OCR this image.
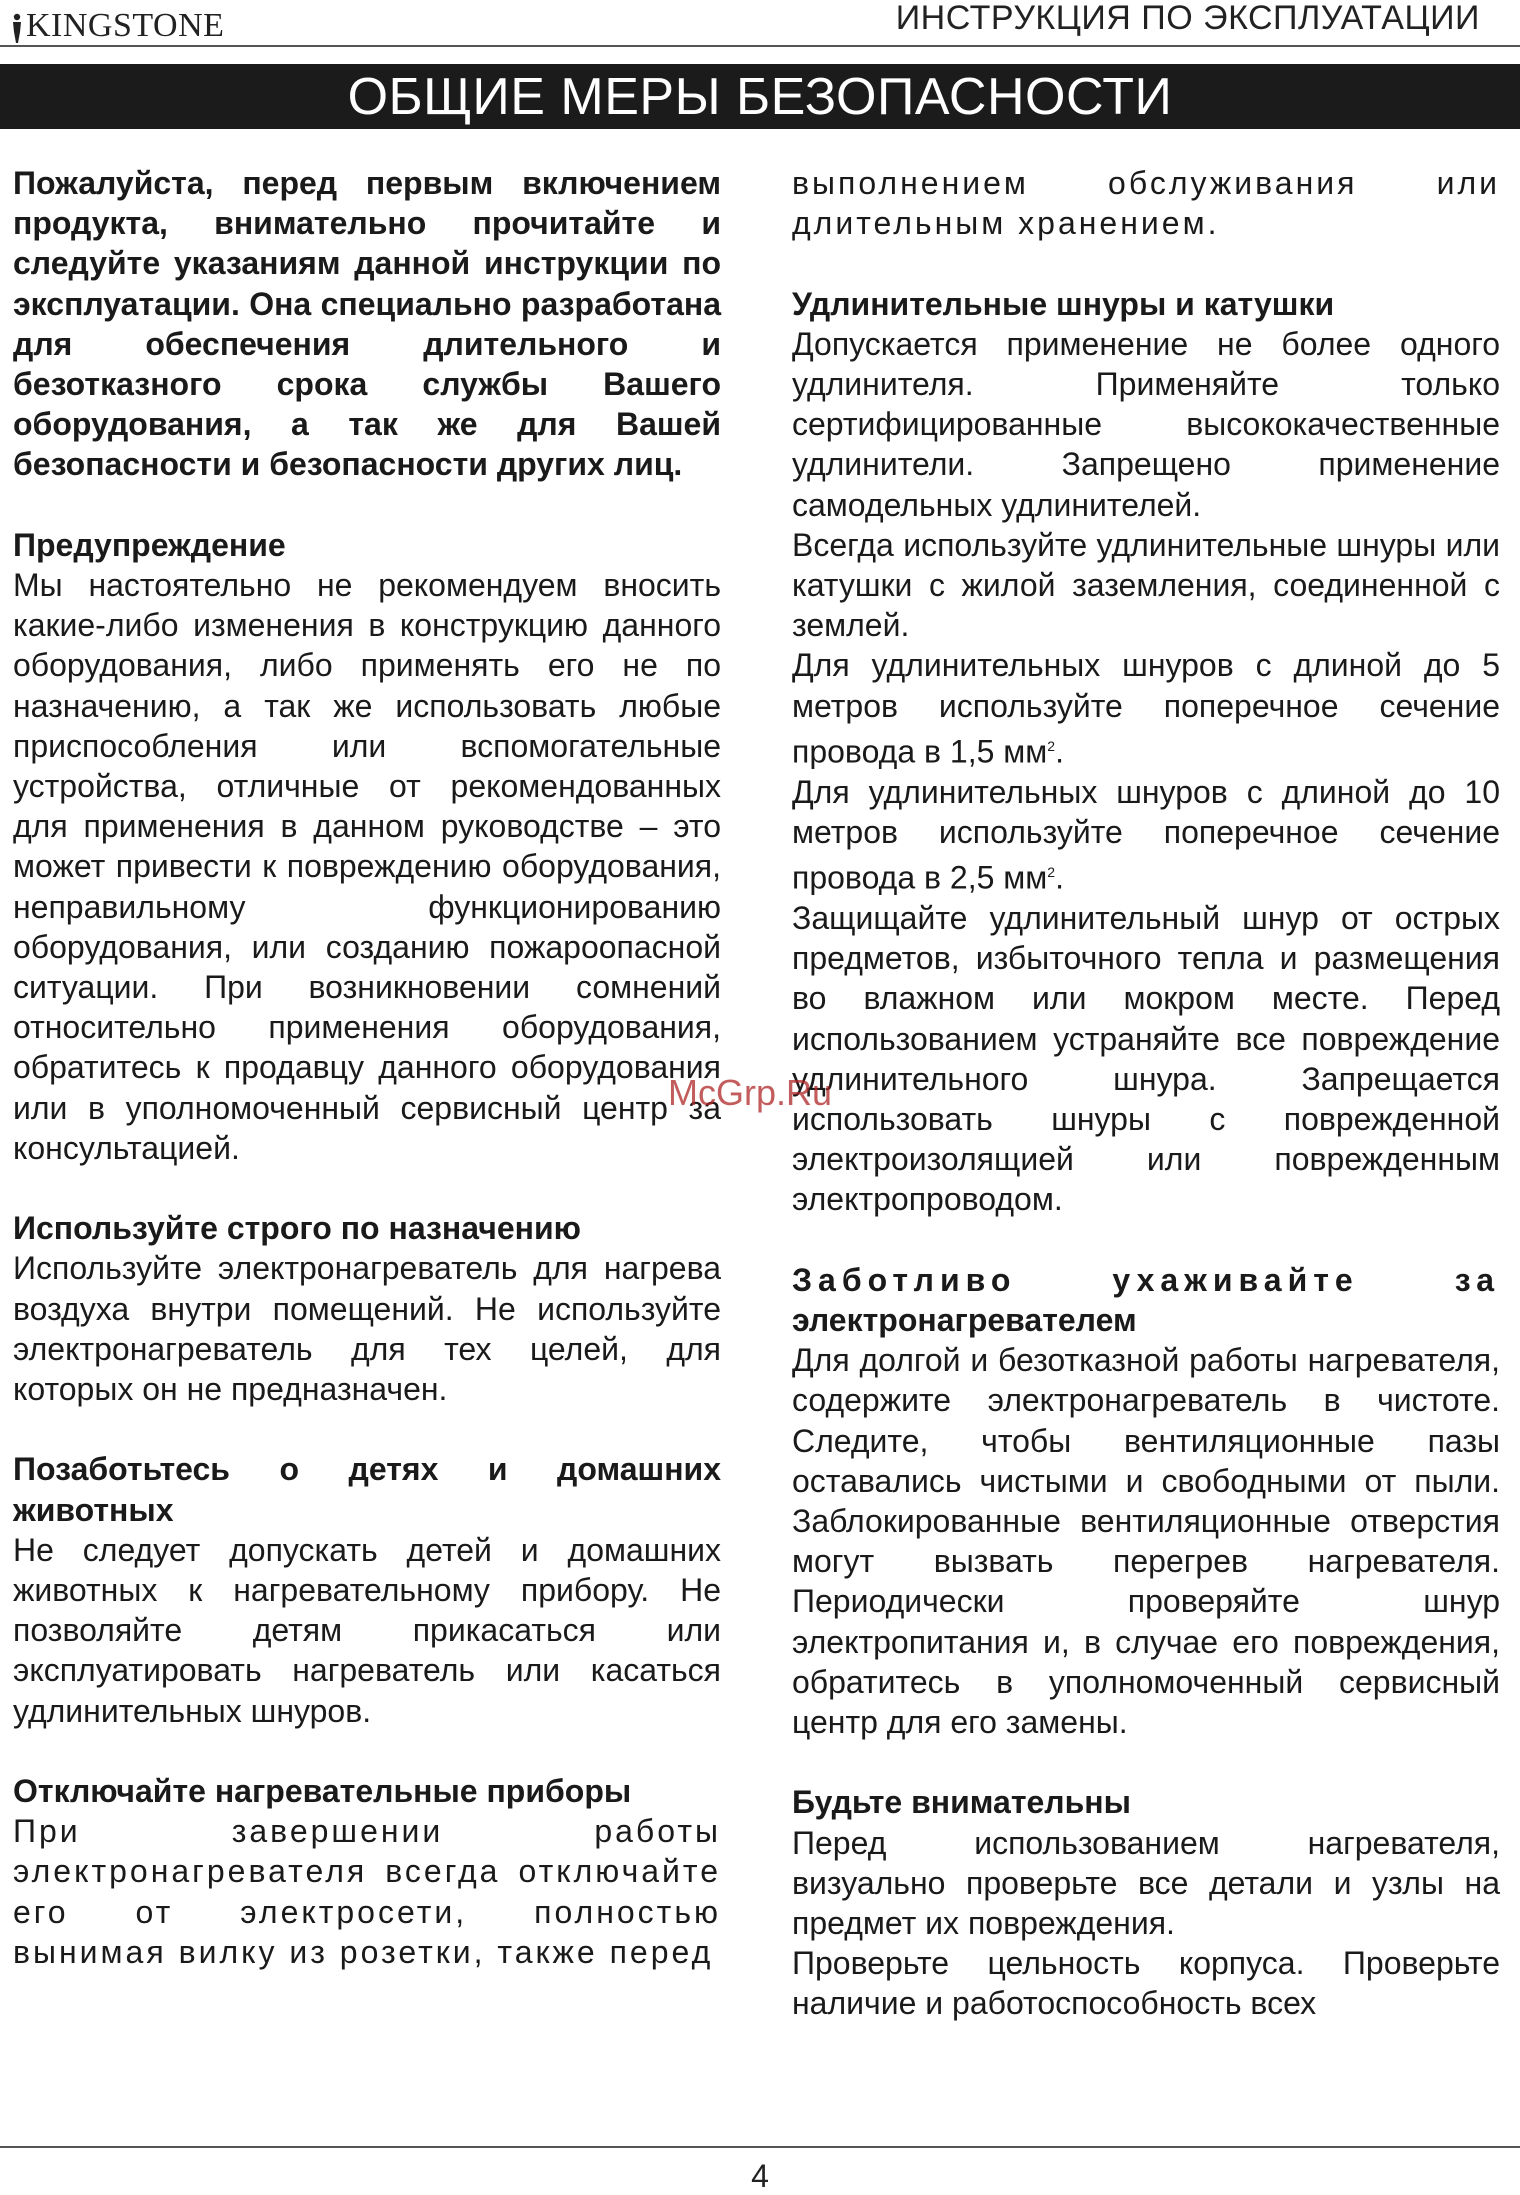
KINGSTONE	ИНСТРУКЦИЯ ПО ЭКСПЛУАТАЦИИ
ОБЩИЕ МЕРЫ БЕЗОПАСНОСТИ

Пожалуйста, перед первым включением продукта, внимательно прочитайте и следуйте указаниям данной инструкции по эксплуатации. Она специально разработана для обеспечения длительного и безотказного срока службы Вашего оборудования, а так же для Вашей безопасности и безопасности других лиц.

Предупреждение

Мы настоятельно не рекомендуем вносить какие-либо изменения в конструкцию данного оборудования, либо применять его не по назначению, а так же использовать любые приспособления или вспомогательные устройства, отличные от рекомендованных для применения в данном руководстве – это может привести к повреждению оборудования, неправильному функционированию оборудования, или созданию пожароопасной ситуации. При возникновении сомнений относительно применения оборудования, обратитесь к продавцу данного оборудования или в уполномоченный сервисный центр за консультацией.

Используйте строго по назначению

Используйте электронагреватель для нагрева воздуха внутри помещений. Не используйте электронагреватель для тех целей, для которых он не предназначен.

Позаботьтесь о детях и домашних животных

Не следует допускать детей и домашних животных к нагревательному прибору. Не позволяйте детям прикасаться или эксплуатировать нагреватель или касаться удлинительных шнуров.

Отключайте нагревательные приборы

При завершении работы электронагревателя всегда отключайте его от электросети, полностью вынимая вилку из розетки, также перед

выполнением обслуживания или длительным хранением.

Удлинительные шнуры и катушки

Допускается применение не более одного удлинителя. Применяйте только сертифицированные высококачественные удлинители. Запрещено применение самодельных удлинителей.

Всегда используйте удлинительные шнуры или катушки с жилой заземления, соединенной с землей.

Для удлинительных шнуров с длиной до 5 метров используйте поперечное сечение провода в 1,5 $мм^2$.

Для удлинительных шнуров с длиной до 10 метров используйте поперечное сечение провода в 2,5 $мм^2$.

Защищайте удлинительный шнур от острых предметов, избыточного тепла и размещения во влажном или мокром месте. Перед использованием устраняйте все повреждение удлинительного шнура. Запрещается использовать шнуры с поврежденной электроизолящией или поврежденным электропроводом.

Заботливо ухаживайте за

электронагревателем

Для долгой и безотказной работы нагревателя, содержите электронагреватель в чистоте. Следите, чтобы вентиляционные пазы оставались чистыми и свободными от пыли. Заблокированные вентиляционные отверстия могут вызвать перегрев нагревателя. Периодически проверяйте шнур электропитания и, в случае его повреждения, обратитесь в уполномоченный сервисный центр для его замены.

Будьте внимательны

Перед использованием нагревателя, визуально проверьте все детали и узлы на предмет их повреждения.

Проверьте цельность корпуса. Проверьте наличие и работоспособность всех

McGrp.Ru
4
